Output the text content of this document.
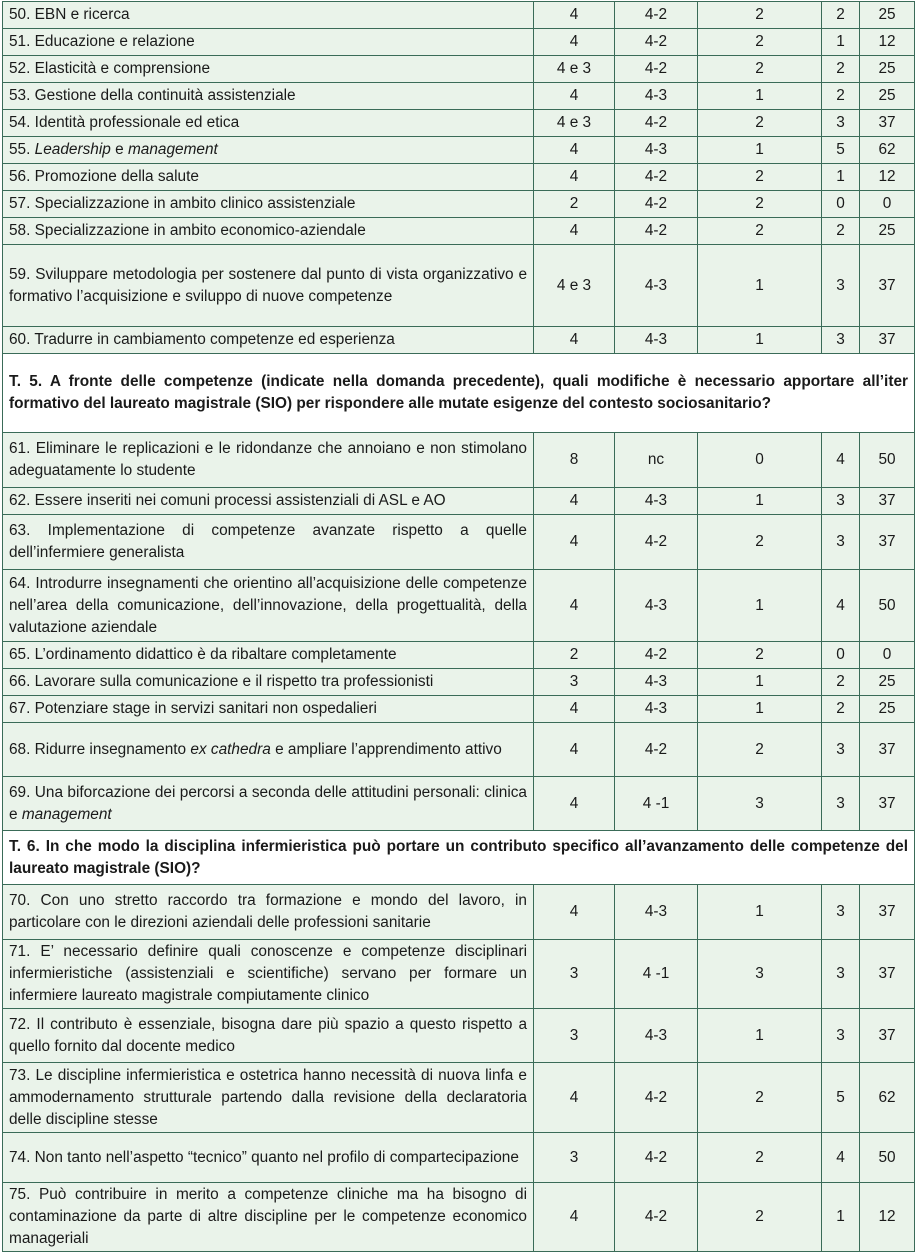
50. EBN e ricerca	4	4-2	2	2	25
51. Educazione e relazione	4	4-2	2	1	12
52. Elasticità e comprensione	4 e 3	4-2	2	2	25
53. Gestione della continuità assistenziale	4	4-3	1	2	25
54. Identità professionale ed etica	4 e 3	4-2	2	3	37
55. Leadership e management	4	4-3	1	5	62
56. Promozione della salute	4	4-2	2	1	12
57. Specializzazione in ambito clinico assistenziale	2	4-2	2	0	0
58. Specializzazione in ambito economico-aziendale	4	4-2	2	2	25
59. Sviluppare metodologia per sostenere dal punto di vista organizzativo e formativo l’acquisizione e sviluppo di nuove competenze	4 e 3	4-3	1	3	37
60. Tradurre in cambiamento competenze ed esperienza	4	4-3	1	3	37
T. 5. A fronte delle competenze (indicate nella domanda precedente), quali modifiche è necessario apportare all’iter formativo del laureato magistrale (SIO) per rispondere alle mutate esigenze del contesto sociosanitario?					
61. Eliminare le replicazioni e le ridondanze che annoiano e non stimolano adeguatamente lo studente	8	nc	0	4	50
62. Essere inseriti nei comuni processi assistenziali di ASL e AO	4	4-3	1	3	37
63. Implementazione di competenze avanzate rispetto a quelle dell’infermiere generalista	4	4-2	2	3	37
64. Introdurre insegnamenti che orientino all’acquisizione delle competenze nell’area della comunicazione, dell’innovazione, della progettualità, della valutazione aziendale	4	4-3	1	4	50
65. L’ordinamento didattico è da ribaltare completamente	2	4-2	2	0	0
66. Lavorare sulla comunicazione e il rispetto tra professionisti	3	4-3	1	2	25
67. Potenziare stage in servizi sanitari non ospedalieri	4	4-3	1	2	25
68. Ridurre insegnamento ex cathedra e ampliare l’apprendimento attivo	4	4-2	2	3	37
69. Una biforcazione dei percorsi a seconda delle attitudini personali: clinica e management	4	4 -1	3	3	37
T. 6. In che modo la disciplina infermieristica può portare un contributo specifico all’avanzamento delle competenze del laureato magistrale (SIO)?					
70. Con uno stretto raccordo tra formazione e mondo del lavoro, in particolare con le direzioni aziendali delle professioni sanitarie	4	4-3	1	3	37
71. E’ necessario definire quali conoscenze e competenze disciplinari infermieristiche (assistenziali e scientifiche) servano per formare un infermiere laureato magistrale compiutamente clinico	3	4 -1	3	3	37
72. Il contributo è essenziale, bisogna dare più spazio a questo rispetto a quello fornito dal docente medico	3	4-3	1	3	37
73. Le discipline infermieristica e ostetrica hanno necessità di nuova linfa e ammodernamento strutturale partendo dalla revisione della declaratoria delle discipline stesse	4	4-2	2	5	62
74. Non tanto nell’aspetto “tecnico” quanto nel profilo di compartecipazione	3	4-2	2	4	50
75. Può contribuire in merito a competenze cliniche ma ha bisogno di contaminazione da parte di altre discipline per le competenze economico manageriali	4	4-2	2	1	12
